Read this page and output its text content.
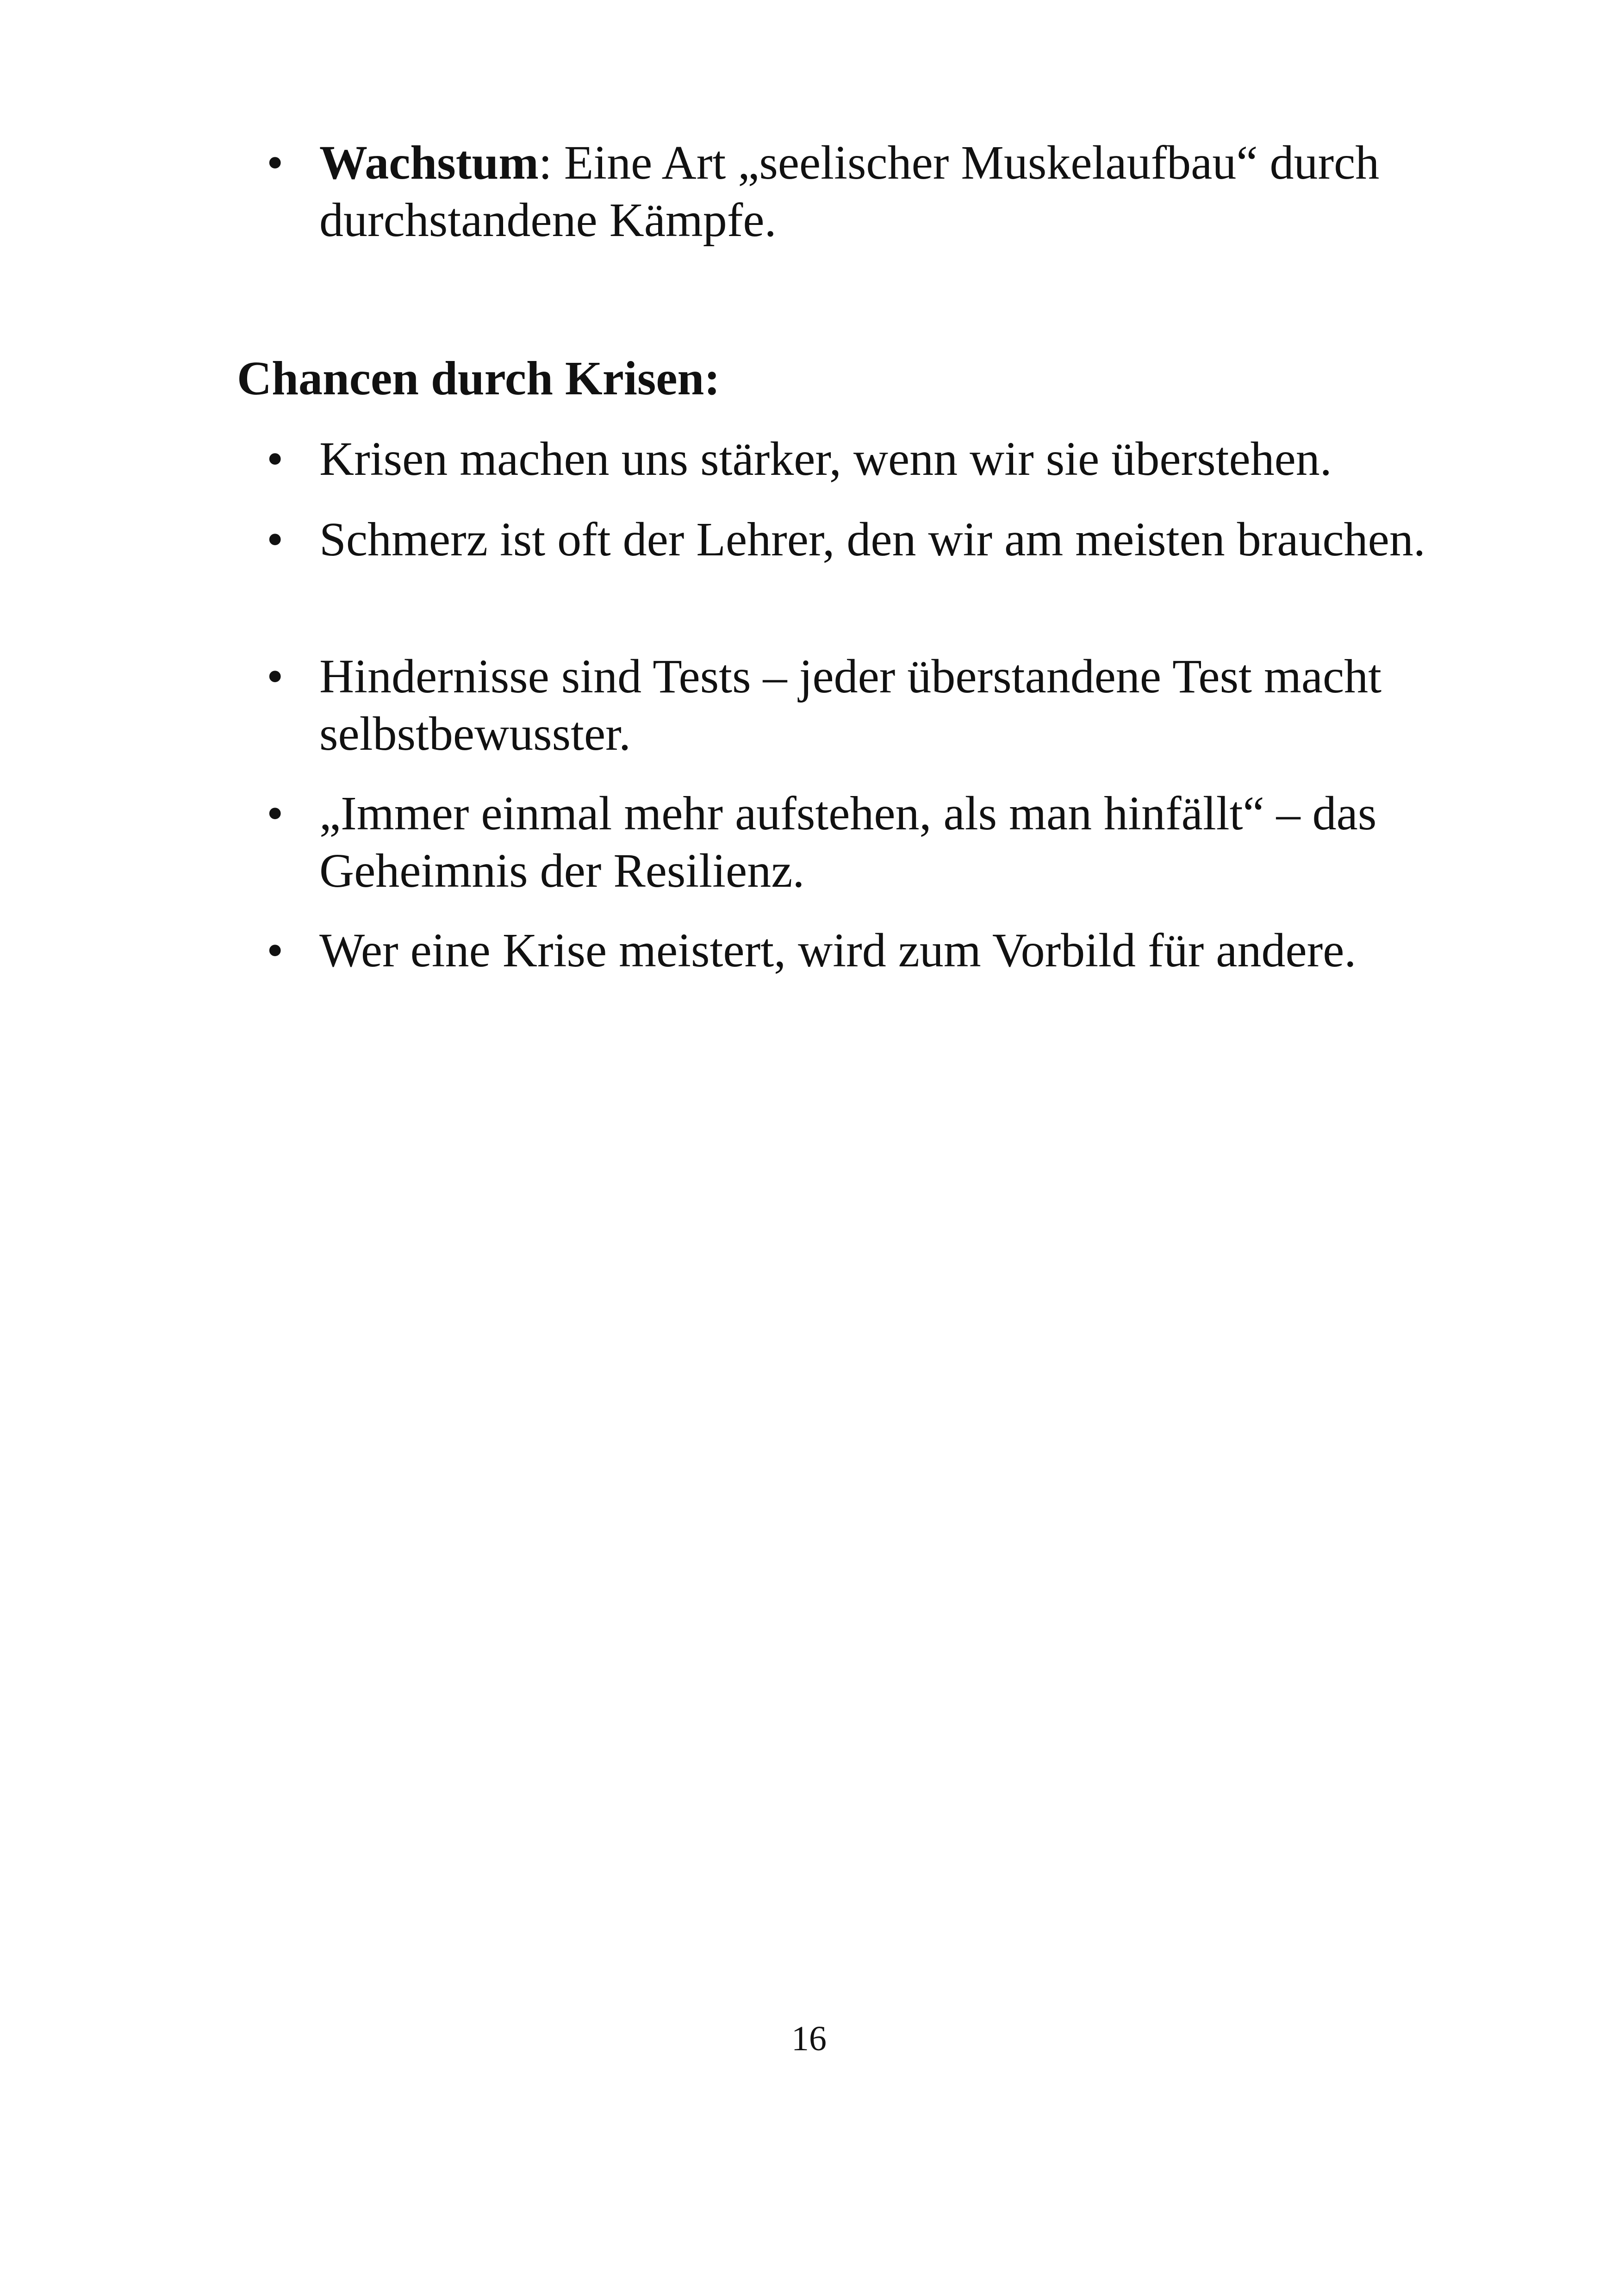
• Wachstum: Eine Art „seelischer Muskelaufbau“ durch durchstandene Kämpfe.
Chancen durch Krisen:
• Krisen machen uns stärker, wenn wir sie überstehen.
• Schmerz ist oft der Lehrer, den wir am meisten brauchen.
• Hindernisse sind Tests – jeder überstandene Test macht selbstbewusster.
• „Immer einmal mehr aufstehen, als man hinfällt“ – das Geheimnis der Resilienz.
• Wer eine Krise meistert, wird zum Vorbild für andere.
16
